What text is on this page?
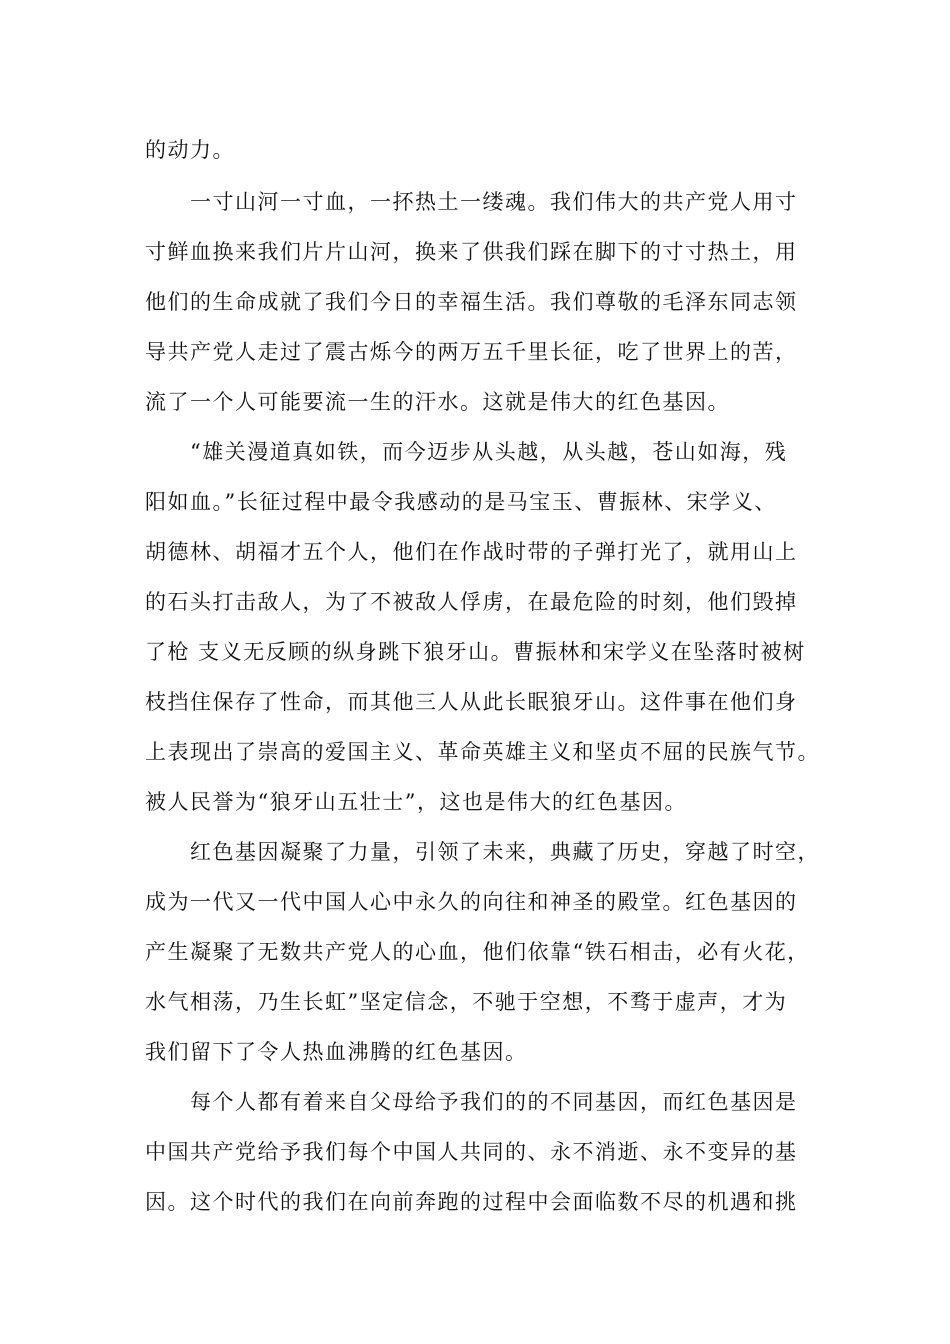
的动力。
一寸山河一寸血，一抔热土一缕魂。我们伟大的共产党人用寸
寸鲜血换来我们片片山河，换来了供我们踩在脚下的寸寸热土，用
他们的生命成就了我们今日的幸福生活。我们尊敬的毛泽东同志领
导共产党人走过了震古烁今的两万五千里长征，吃了世界上的苦，
流了一个人可能要流一生的汗水。这就是伟大的红色基因。
“雄关漫道真如铁，而今迈步从头越，从头越，苍山如海，残
阳如血。”长征过程中最令我感动的是马宝玉、曹振林、宋学义、
胡德林、胡福才五个人，他们在作战时带的子弹打光了，就用山上
的石头打击敌人，为了不被敌人俘虏，在最危险的时刻，他们毁掉
了枪 支义无反顾的纵身跳下狼牙山。曹振林和宋学义在坠落时被树
枝挡住保存了性命，而其他三人从此长眠狼牙山。这件事在他们身
上表现出了崇高的爱国主义、革命英雄主义和坚贞不屈的民族气节。
被人民誉为“狼牙山五壮士”，这也是伟大的红色基因。
红色基因凝聚了力量，引领了未来，典藏了历史，穿越了时空，
成为一代又一代中国人心中永久的向往和神圣的殿堂。红色基因的
产生凝聚了无数共产党人的心血，他们依靠“铁石相击，必有火花，
水气相荡，乃生长虹”坚定信念，不驰于空想，不骛于虚声，才为
我们留下了令人热血沸腾的红色基因。
每个人都有着来自父母给予我们的的不同基因，而红色基因是
中国共产党给予我们每个中国人共同的、永不消逝、永不变异的基
因。这个时代的我们在向前奔跑的过程中会面临数不尽的机遇和挑
